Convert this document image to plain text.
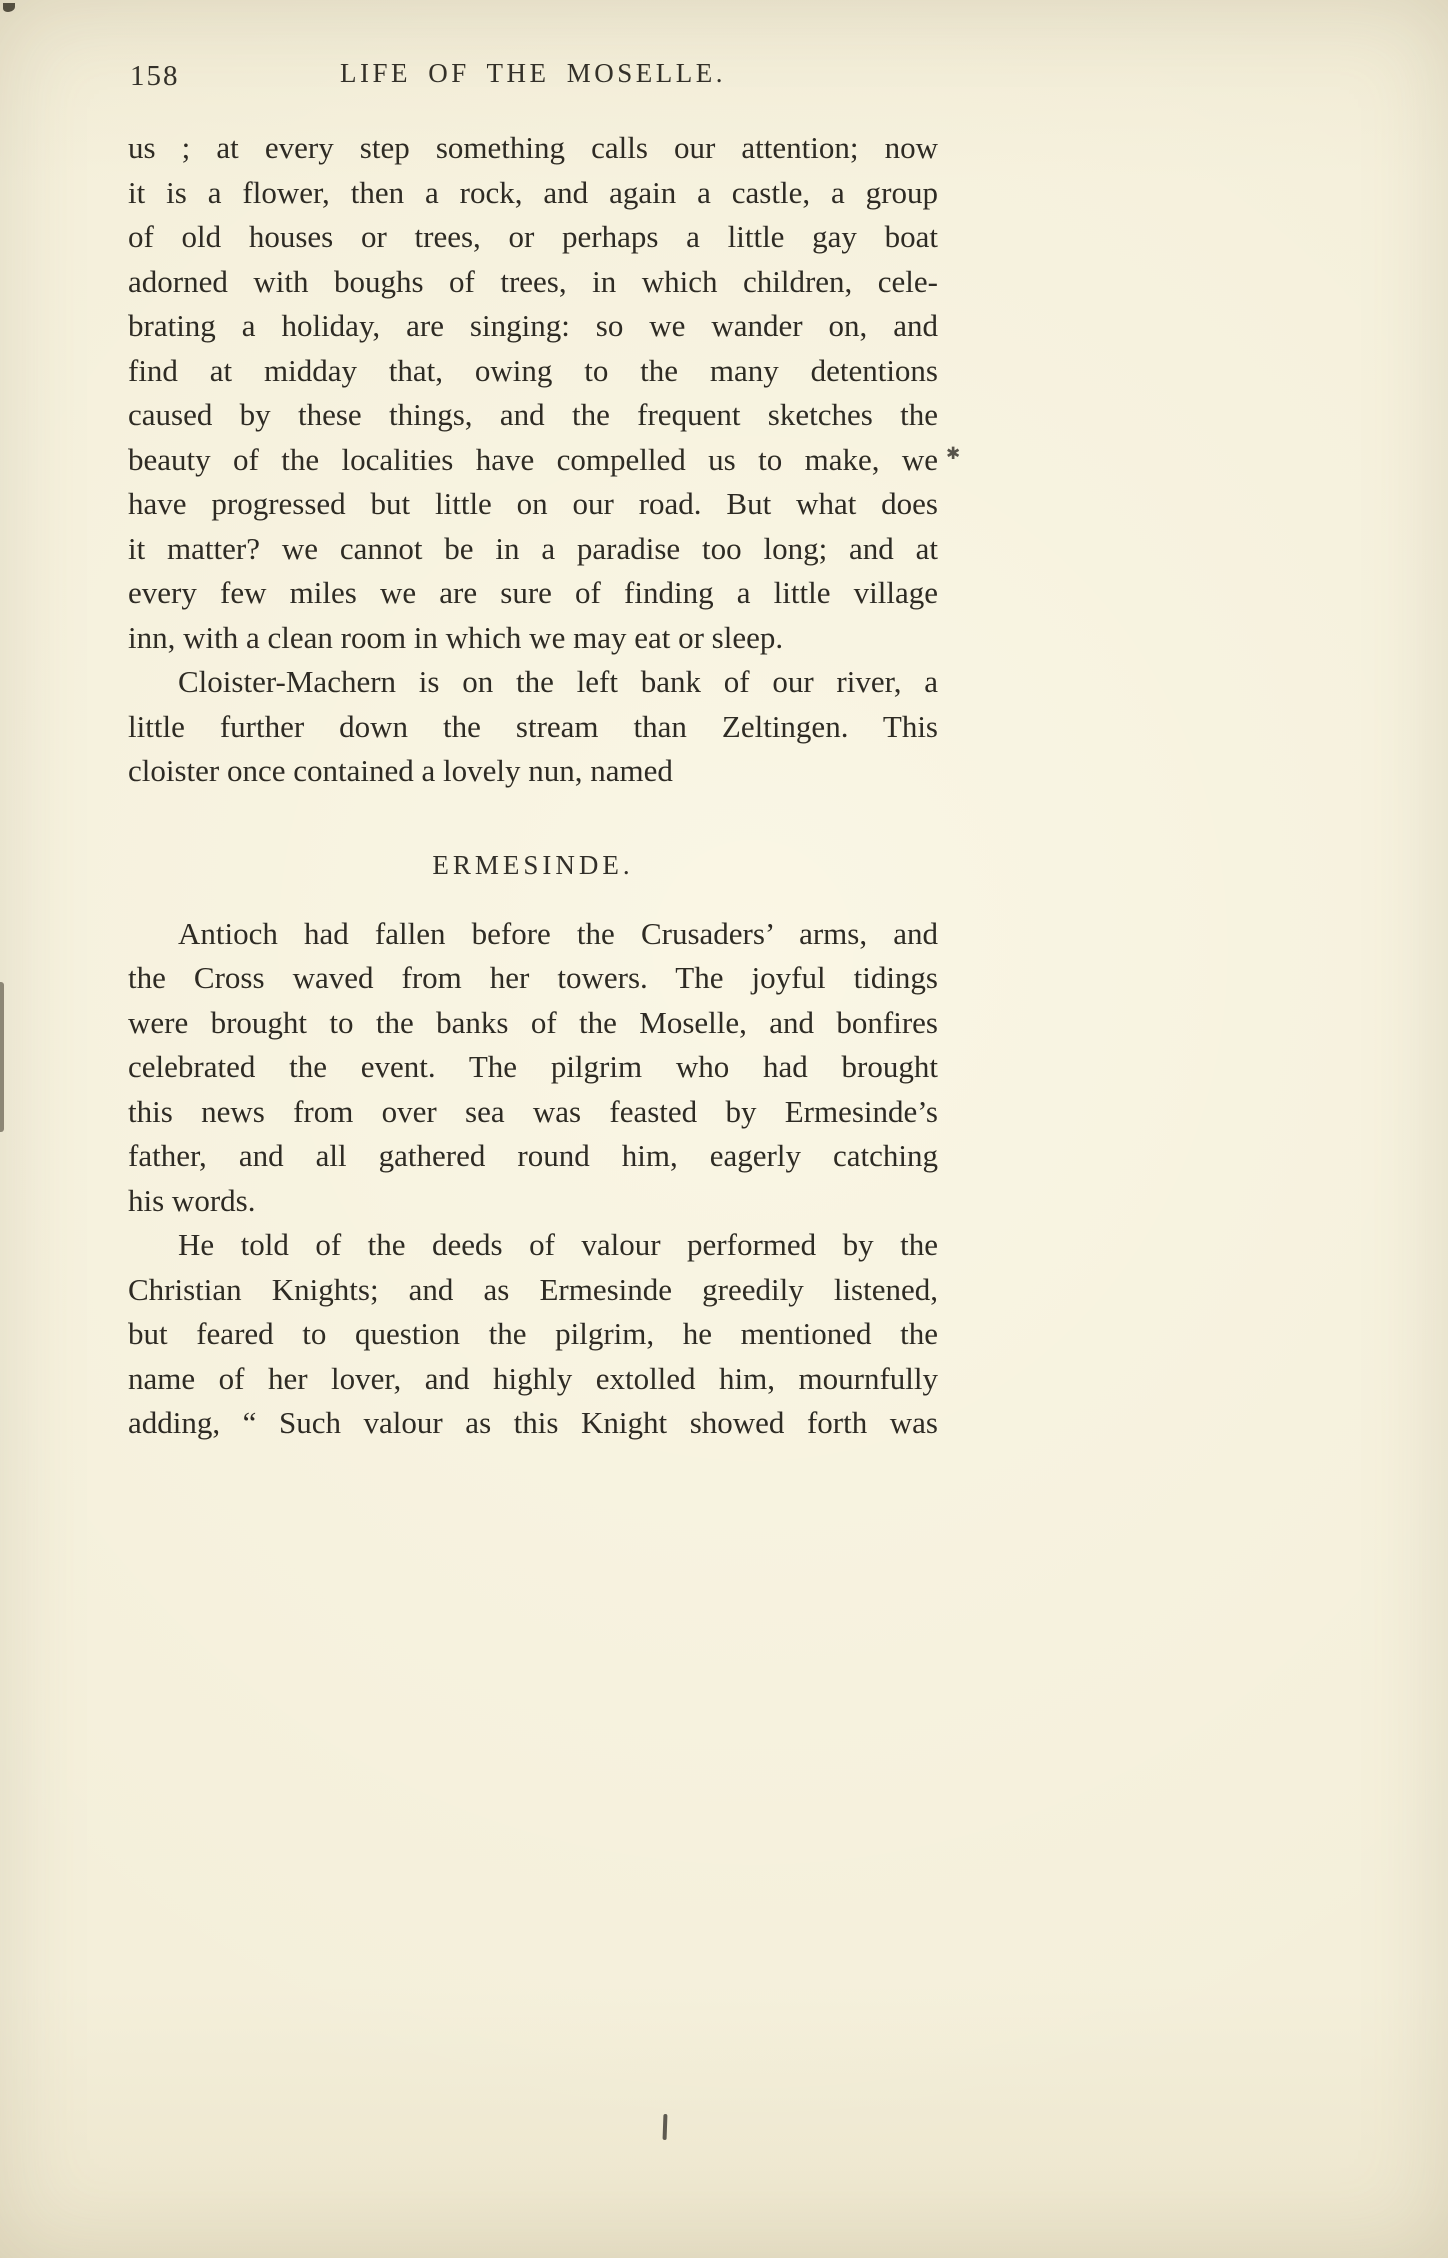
158	LIFE OF THE MOSELLE.
us ; at every step something calls our attention; now
it is a flower, then a rock, and again a castle, a group
of old houses or trees, or perhaps a little gay boat
adorned with boughs of trees, in which children, cele-
brating a holiday, are singing: so we wander on, and
find at midday that, owing to the many detentions
caused by these things, and the frequent sketches the
beauty of the localities have compelled us to make, we
have progressed but little on our road. But what does
it matter? we cannot be in a paradise too long; and at
every few miles we are sure of finding a little village
inn, with a clean room in which we may eat or sleep.
Cloister-Machern is on the left bank of our river, a
little further down the stream than Zeltingen. This
cloister once contained a lovely nun, named
ERMESINDE.
Antioch had fallen before the Crusaders’ arms, and
the Cross waved from her towers. The joyful tidings
were brought to the banks of the Moselle, and bonfires
celebrated the event. The pilgrim who had brought
this news from over sea was feasted by Ermesinde’s
father, and all gathered round him, eagerly catching
his words.
He told of the deeds of valour performed by the
Christian Knights; and as Ermesinde greedily listened,
but feared to question the pilgrim, he mentioned the
name of her lover, and highly extolled him, mournfully
adding, “ Such valour as this Knight showed forth was
✱
